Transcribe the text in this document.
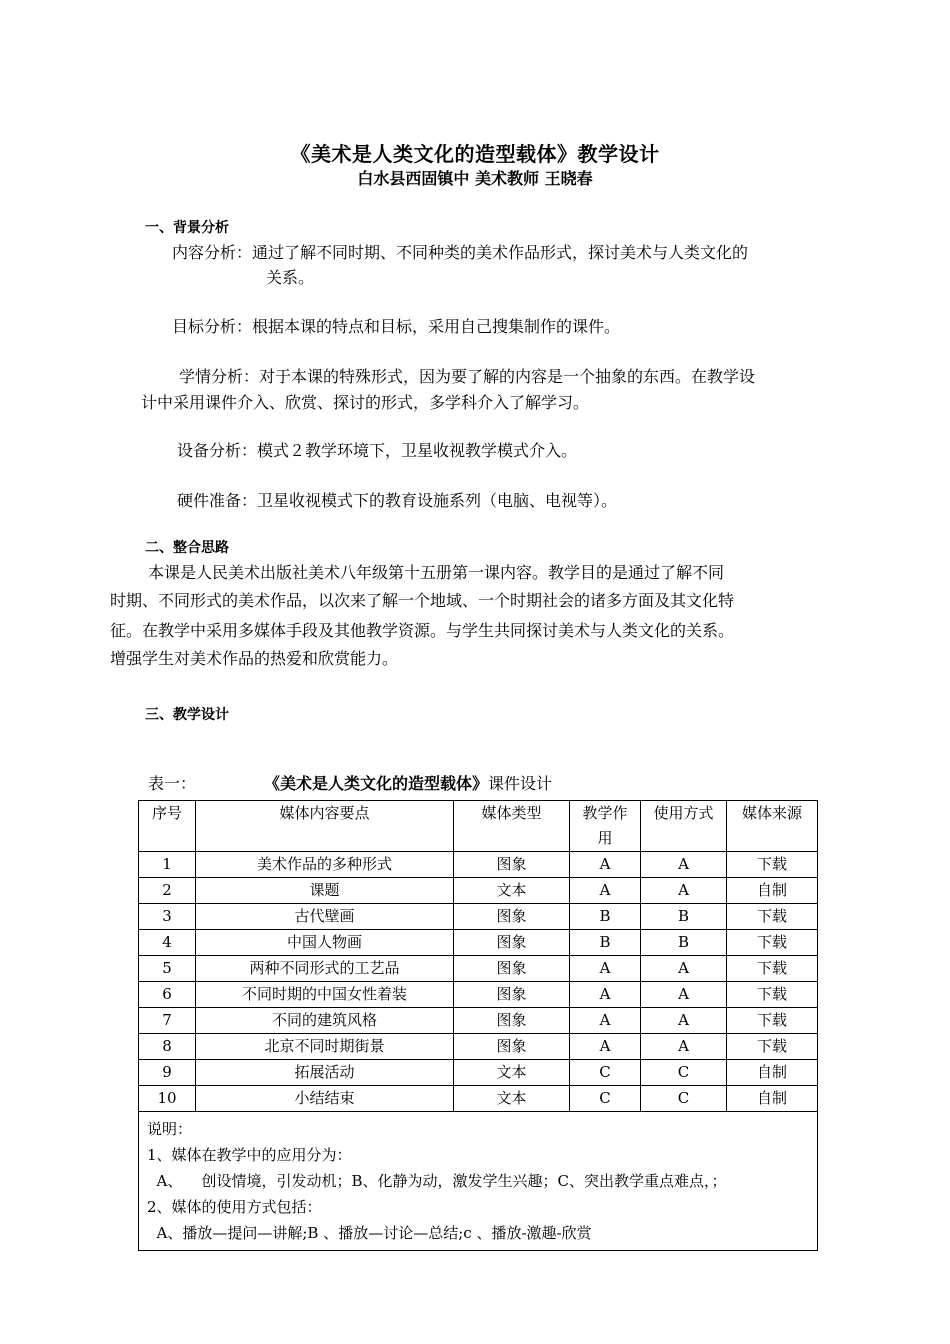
《美术是人类文化的造型载体》教学设计
白水县西固镇中 美术教师 王晓春
一、背景分析
内容分析：通过了解不同时期、不同种类的美术作品形式，探讨美术与人类文化的
关系。
目标分析：根据本课的特点和目标，采用自己搜集制作的课件。
学情分析：对于本课的特殊形式，因为要了解的内容是一个抽象的东西。在教学设
计中采用课件介入、欣赏、探讨的形式，多学科介入了解学习。
设备分析：模式２教学环境下，卫星收视教学模式介入。
硬件准备：卫星收视模式下的教育设施系列（电脑、电视等）。
二、整合思路
本课是人民美术出版社美术八年级第十五册第一课内容。教学目的是通过了解不同
时期、不同形式的美术作品，以次来了解一个地域、一个时期社会的诸多方面及其文化特
征。在教学中采用多媒体手段及其他教学资源。与学生共同探讨美术与人类文化的关系。
增强学生对美术作品的热爱和欣赏能力。
三、教学设计
表一：	《美术是人类文化的造型载体》课件设计
序号	媒体内容要点	媒体类型	教学作用	使用方式	媒体来源
1	美术作品的多种形式	图象	A	A	下载
2	课题	文本	A	A	自制
3	古代壁画	图象	B	B	下载
4	中国人物画	图象	B	B	下载
5	两种不同形式的工艺品	图象	A	A	下载
6	不同时期的中国女性着装	图象	A	A	下载
7	不同的建筑风格	图象	A	A	下载
8	北京不同时期街景	图象	A	A	下载
9	拓展活动	文本	C	C	自制
10	小结结束	文本	C	C	自制

说明：
1、媒体在教学中的应用分为：
A、    创设情境，引发动机；B、化静为动，激发学生兴趣；C、突出教学重点难点，；
2、媒体的使用方式包括：
A、播放—提问—讲解;B 、播放—讨论—总结;c 、播放-激趣-欣赏					
